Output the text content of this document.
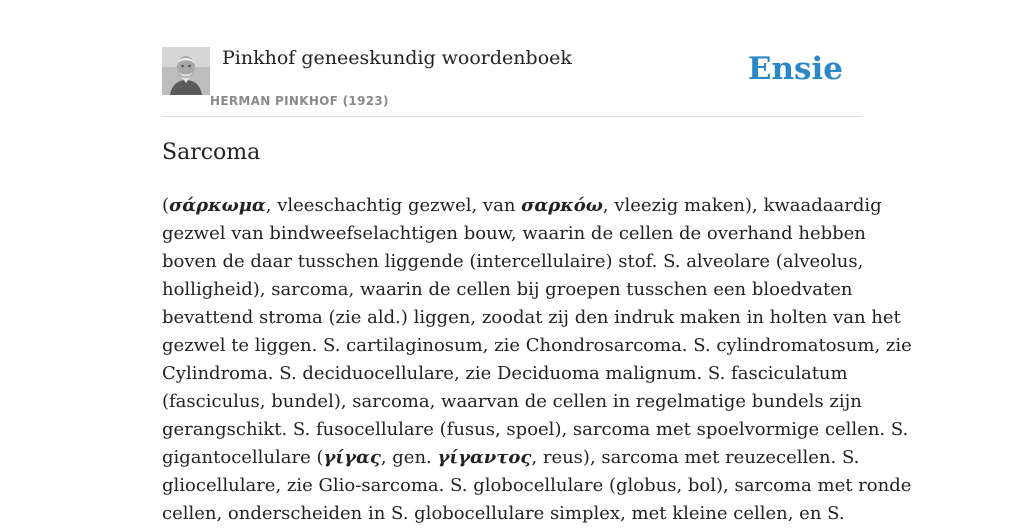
Pinkhof geneeskundig woordenboek
HERMAN PINKHOF (1923)
Ensie
Sarcoma
(σάρκωμα, vleeschachtig gezwel, van σαρκόω, vleezig maken), kwaadaardig
gezwel van bindweefselachtigen bouw, waarin de cellen de overhand hebben
boven de daar tusschen liggende (intercellulaire) stof. S. alveolare (alveolus,
holligheid), sarcoma, waarin de cellen bij groepen tusschen een bloedvaten
bevattend stroma (zie ald.) liggen, zoodat zij den indruk maken in holten van het
gezwel te liggen. S. cartilaginosum, zie Chondrosarcoma. S. cylindromatosum, zie
Cylindroma. S. deciduocellulare, zie Deciduoma malignum. S. fasciculatum
(fasciculus, bundel), sarcoma, waarvan de cellen in regelmatige bundels zijn
gerangschikt. S. fusocellulare (fusus, spoel), sarcoma met spoelvormige cellen. S.
gigantocellulare (γίγας, gen. γίγαντος, reus), sarcoma met reuzecellen. S.
gliocellulare, zie Glio-sarcoma. S. globocellulare (globus, bol), sarcoma met ronde
cellen, onderscheiden in S. globocellulare simplex, met kleine cellen, en S.
